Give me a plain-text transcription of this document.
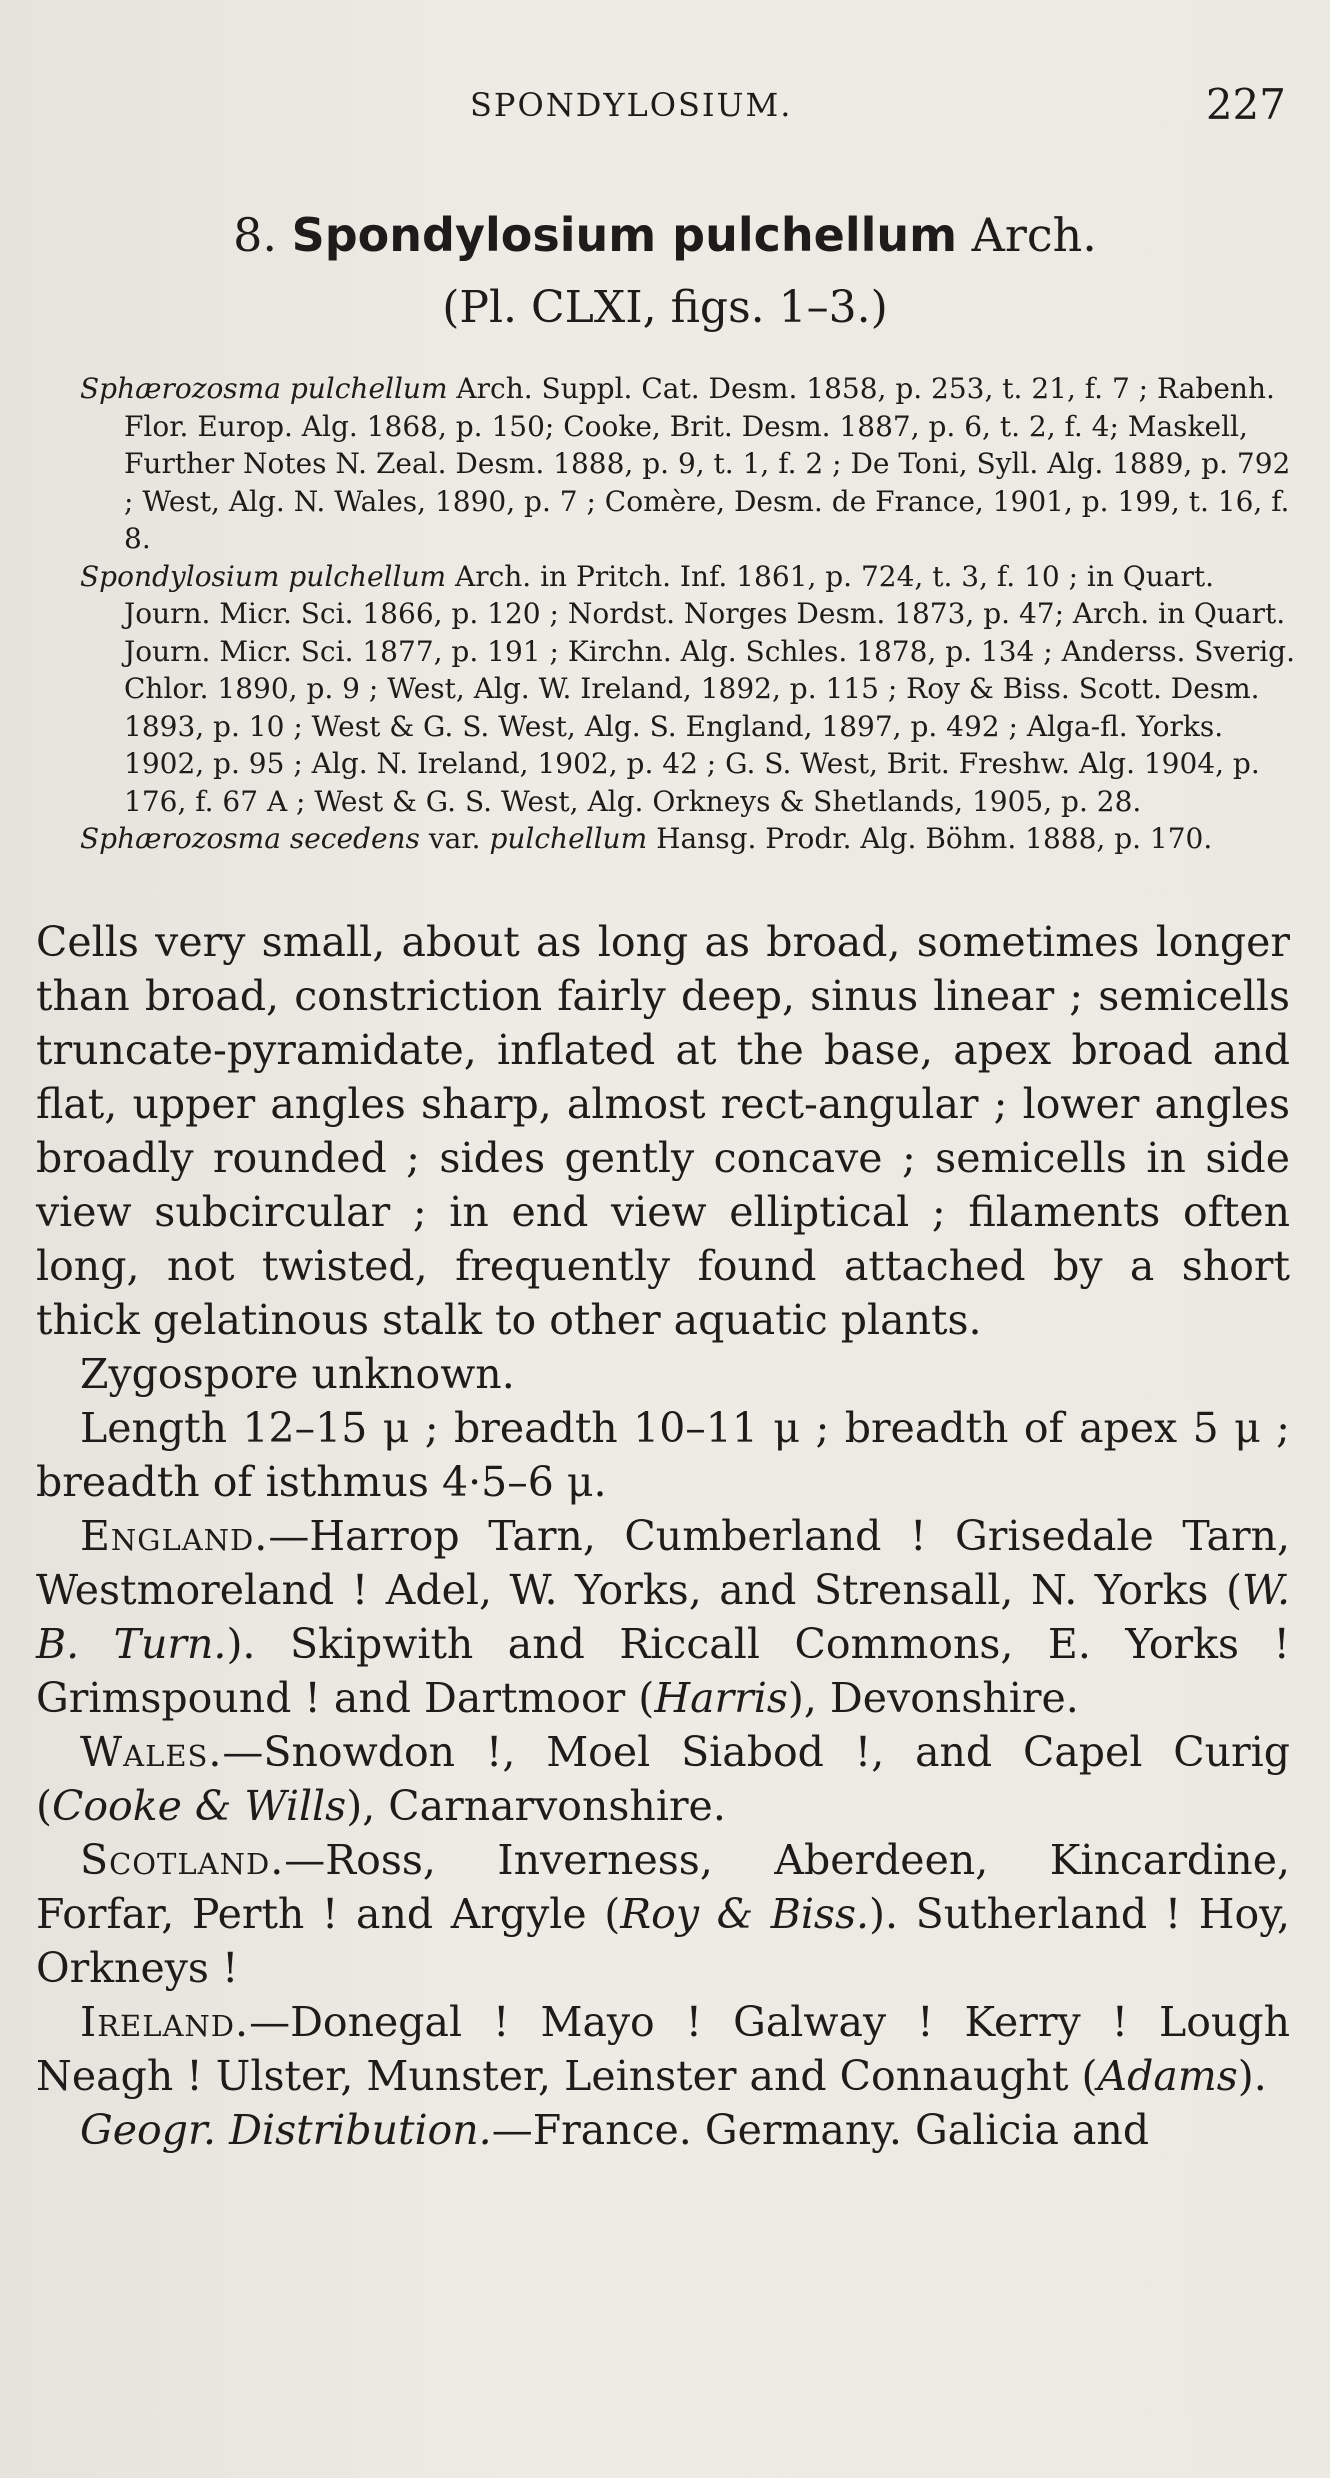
SPONDYLOSIUM.	227
8. Spondylosium pulchellum Arch.
(Pl. CLXI, figs. 1–3.)

Sphærozosma pulchellum Arch. Suppl. Cat. Desm. 1858, p. 253, t. 21, f. 7 ; Rabenh. Flor. Europ. Alg. 1868, p. 150; Cooke, Brit. Desm. 1887, p. 6, t. 2, f. 4; Maskell, Further Notes N. Zeal. Desm. 1888, p. 9, t. 1, f. 2 ; De Toni, Syll. Alg. 1889, p. 792 ; West, Alg. N. Wales, 1890, p. 7 ; Comère, Desm. de France, 1901, p. 199, t. 16, f. 8.

Spondylosium pulchellum Arch. in Pritch. Inf. 1861, p. 724, t. 3, f. 10 ; in Quart. Journ. Micr. Sci. 1866, p. 120 ; Nordst. Norges Desm. 1873, p. 47; Arch. in Quart. Journ. Micr. Sci. 1877, p. 191 ; Kirchn. Alg. Schles. 1878, p. 134 ; Anderss. Sverig. Chlor. 1890, p. 9 ; West, Alg. W. Ireland, 1892, p. 115 ; Roy & Biss. Scott. Desm. 1893, p. 10 ; West & G. S. West, Alg. S. England, 1897, p. 492 ; Alga-fl. Yorks. 1902, p. 95 ; Alg. N. Ireland, 1902, p. 42 ; G. S. West, Brit. Freshw. Alg. 1904, p. 176, f. 67 A ; West & G. S. West, Alg. Orkneys & Shetlands, 1905, p. 28.

Sphærozosma secedens var. pulchellum Hansg. Prodr. Alg. Böhm. 1888, p. 170.

Cells very small, about as long as broad, sometimes longer than broad, constriction fairly deep, sinus linear ; semicells truncate-pyramidate, inflated at the base, apex broad and flat, upper angles sharp, almost rect-angular ; lower angles broadly rounded ; sides gently concave ; semicells in side view subcircular ; in end view elliptical ; filaments often long, not twisted, frequently found attached by a short thick gelatinous stalk to other aquatic plants.

Zygospore unknown.

Length 12–15 μ ; breadth 10–11 μ ; breadth of apex 5 μ ; breadth of isthmus 4·5–6 μ.

England.—Harrop Tarn, Cumberland ! Grisedale Tarn, Westmoreland ! Adel, W. Yorks, and Strensall, N. Yorks (W. B. Turn.). Skipwith and Riccall Commons, E. Yorks ! Grimspound ! and Dartmoor (Harris), Devonshire.

Wales.—Snowdon !, Moel Siabod !, and Capel Curig (Cooke & Wills), Carnarvonshire.

Scotland.—Ross, Inverness, Aberdeen, Kincardine, Forfar, Perth ! and Argyle (Roy & Biss.). Sutherland ! Hoy, Orkneys !

Ireland.—Donegal ! Mayo ! Galway ! Kerry ! Lough Neagh ! Ulster, Munster, Leinster and Connaught (Adams).

Geogr. Distribution.—France. Germany. Galicia and
